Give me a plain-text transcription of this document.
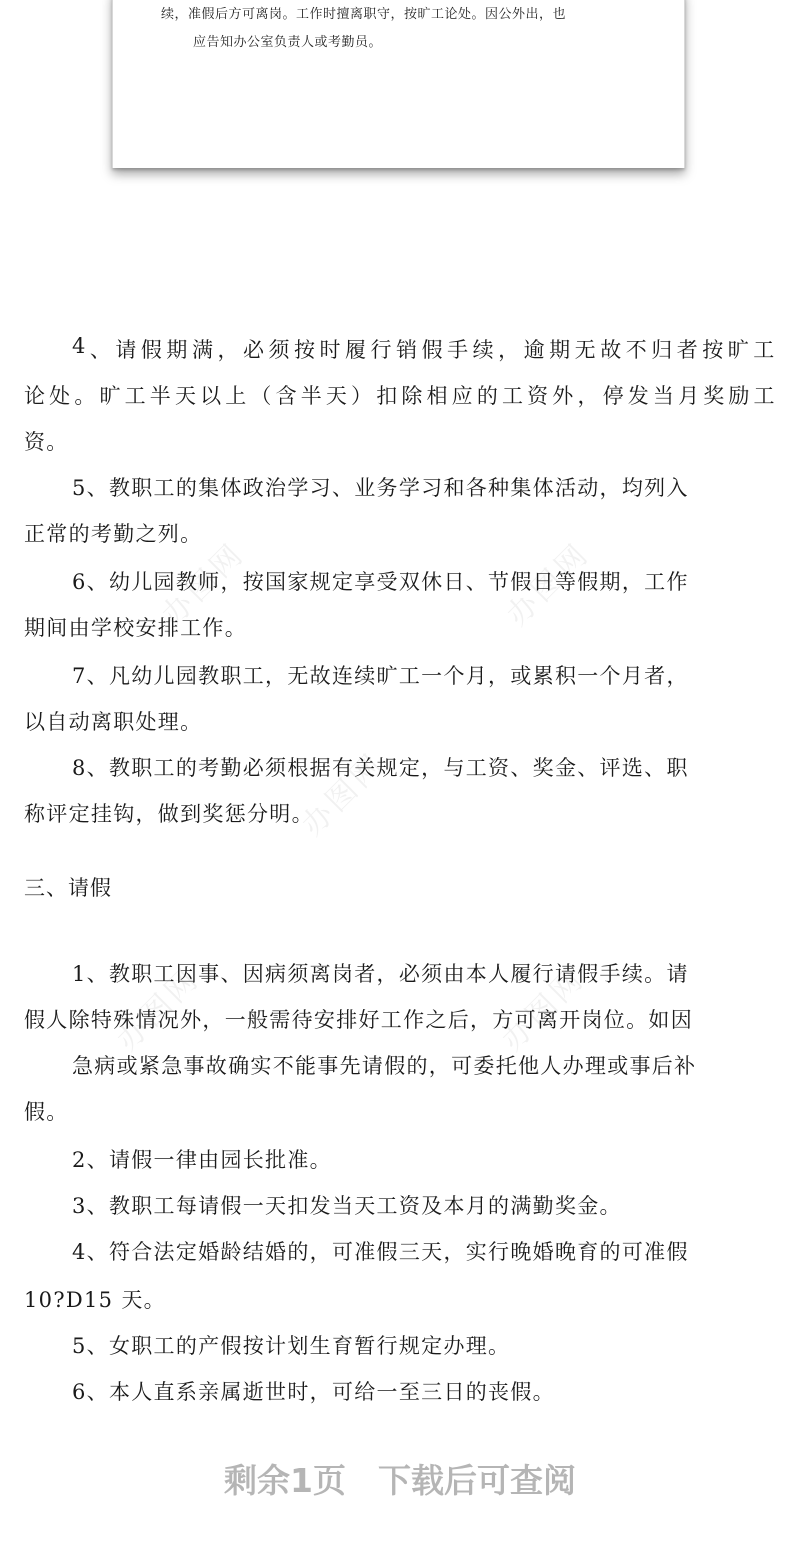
续，准假后方可离岗。工作时擅离职守，按旷工论处。因公外出，也
应告知办公室负责人或考勤员。
办图网	办图网
办图网
办图网	办图网
4 、 请 假 期 满 ， 必 须 按 时 履 行 销 假 手 续 ， 逾 期 无 故 不 归 者 按 旷 工
论 处 。 旷 工 半 天 以 上 （ 含 半 天 ） 扣 除 相 应 的 工 资 外 ， 停 发 当 月 奖 励 工
资。
5、教职工的集体政治学习、业务学习和各种集体活动，均列入
正常的考勤之列。
6、幼儿园教师，按国家规定享受双休日、节假日等假期，工作
期间由学校安排工作。
7、凡幼儿园教职工，无故连续旷工一个月，或累积一个月者，
以自动离职处理。
8、教职工的考勤必须根据有关规定，与工资、奖金、评选、职
称评定挂钩，做到奖惩分明。
1、教职工因事、因病须离岗者，必须由本人履行请假手续。请
假人除特殊情况外，一般需待安排好工作之后，方可离开岗位。如因
急病或紧急事故确实不能事先请假的，可委托他人办理或事后补
假。
2、请假一律由园长批准。
3、教职工每请假一天扣发当天工资及本月的满勤奖金。
4、符合法定婚龄结婚的，可准假三天，实行晚婚晚育的可准假
10?D15 天。
5、女职工的产假按计划生育暂行规定办理。
6、本人直系亲属逝世时，可给一至三日的丧假。
三、请假
剩余1页 下载后可查阅
